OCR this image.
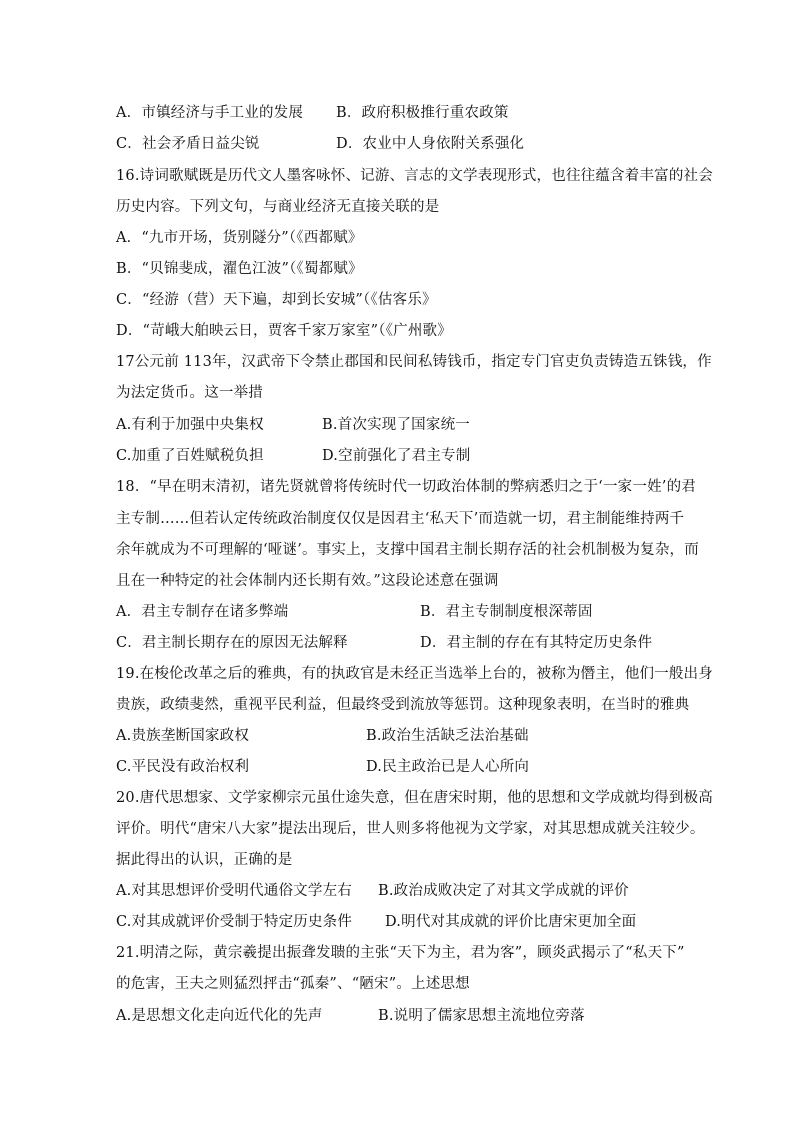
A．市镇经济与手工业的发展 B．政府积极推行重农政策
C．社会矛盾日益尖锐	D．农业中人身依附关系强化
16.诗词歌赋既是历代文人墨客咏怀、记游、言志的文学表现形式，也往往蕴含着丰富的社会
历史内容。下列文句，与商业经济无直接关联的是
A．“九市开场，货别隧分”（《西都赋》
B．“贝锦斐成，濯色江波”（《蜀都赋》
C．“经游（营）天下遍，却到长安城”（《估客乐》
D．“苛峨大舶映云日，贾客千家万家室”（《广州歌》
17公元前 113年，汉武帝下令禁止郡国和民间私铸钱币，指定专门官吏负责铸造五铢钱，作
为法定货币。这一举措
A.有利于加强中央集权	B.首次实现了国家统一
C.加重了百姓赋税负担	D.空前强化了君主专制
18．“早在明末清初，诸先贤就曾将传统时代一切政治体制的弊病悉归之于‘一家一姓’的君
主专制……但若认定传统政治制度仅仅是因君主‘私天下’而造就一切，君主制能维持两千
余年就成为不可理解的‘哑谜’。事实上，支撑中国君主制长期存活的社会机制极为复杂，而
且在一种特定的社会体制内还长期有效。”这段论述意在强调
A．君主专制存在诸多弊端	B．君主专制制度根深蒂固
C．君主制长期存在的原因无法解释	D．君主制的存在有其特定历史条件
19.在梭伦改革之后的雅典，有的执政官是未经正当选举上台的，被称为僭主，他们一般出身
贵族，政绩斐然，重视平民利益，但最终受到流放等惩罚。这种现象表明，在当时的雅典
A.贵族垄断国家政权	B.政治生活缺乏法治基础
C.平民没有政治权利	D.民主政治已是人心所向
20.唐代思想家、文学家柳宗元虽仕途失意，但在唐宋时期，他的思想和文学成就均得到极高
评价。明代“唐宋八大家”提法出现后，世人则多将他视为文学家，对其思想成就关注较少。
据此得出的认识，正确的是
A.对其思想评价受明代通俗文学左右 B.政治成败决定了对其文学成就的评价
C.对其成就评价受制于特定历史条件 D.明代对其成就的评价比唐宋更加全面
21.明清之际，黄宗羲提出振聋发聩的主张“天下为主，君为客”，顾炎武揭示了“私天下”
的危害，王夫之则猛烈抨击“孤秦”、“陋宋”。上述思想
A.是思想文化走向近代化的先声	B.说明了儒家思想主流地位旁落
